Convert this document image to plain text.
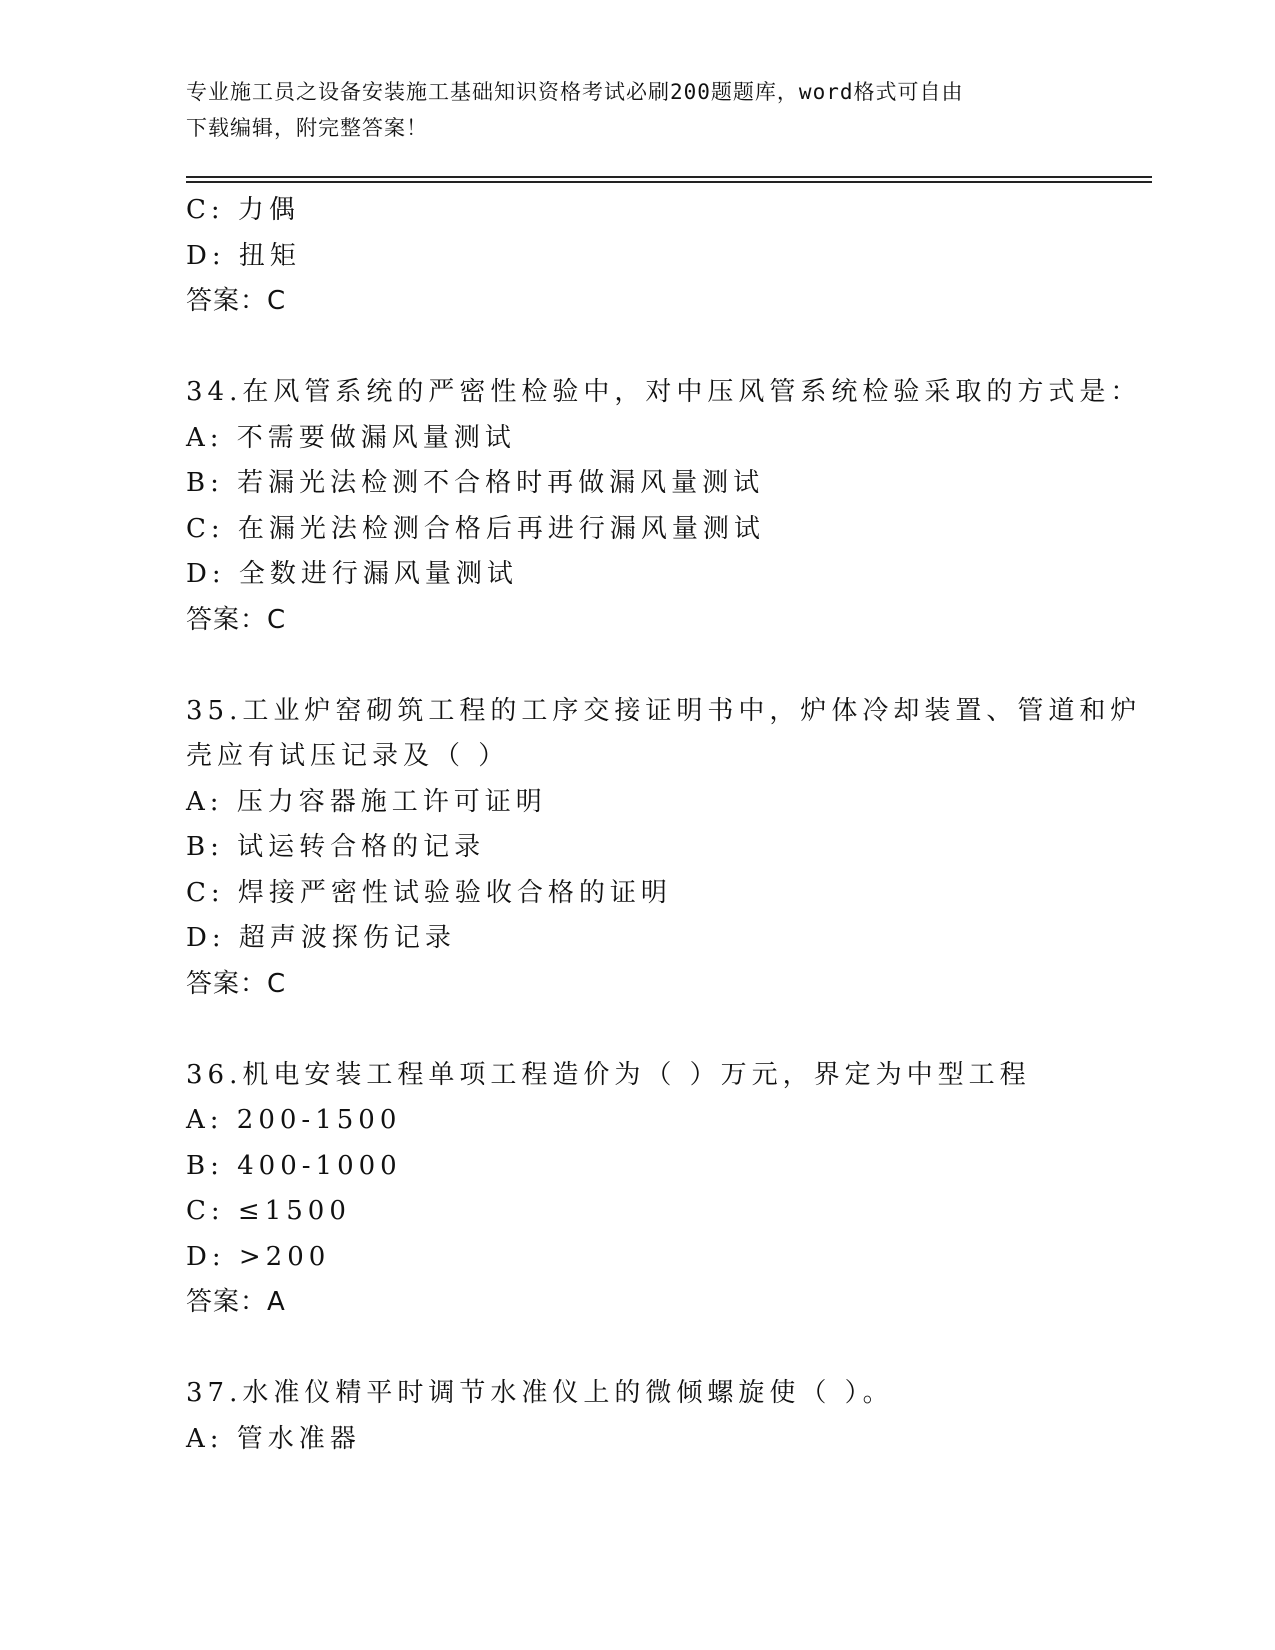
专业施工员之设备安装施工基础知识资格考试必刷200题题库，word格式可自由
下载编辑，附完整答案！
C: 力偶
D: 扭矩
答案：C
34.在风管系统的严密性检验中，对中压风管系统检验采取的方式是：
A: 不需要做漏风量测试
B: 若漏光法检测不合格时再做漏风量测试
C: 在漏光法检测合格后再进行漏风量测试
D: 全数进行漏风量测试
答案：C
35.工业炉窑砌筑工程的工序交接证明书中，炉体冷却装置、管道和炉
壳应有试压记录及（ ）
A: 压力容器施工许可证明
B: 试运转合格的记录
C: 焊接严密性试验验收合格的证明
D: 超声波探伤记录
答案：C
36.机电安装工程单项工程造价为（ ）万元，界定为中型工程
A: 200-1500
B: 400-1000
C: ≤1500
D: >200
答案：A
37.水准仪精平时调节水准仪上的微倾螺旋使（ ）。
A: 管水准器
